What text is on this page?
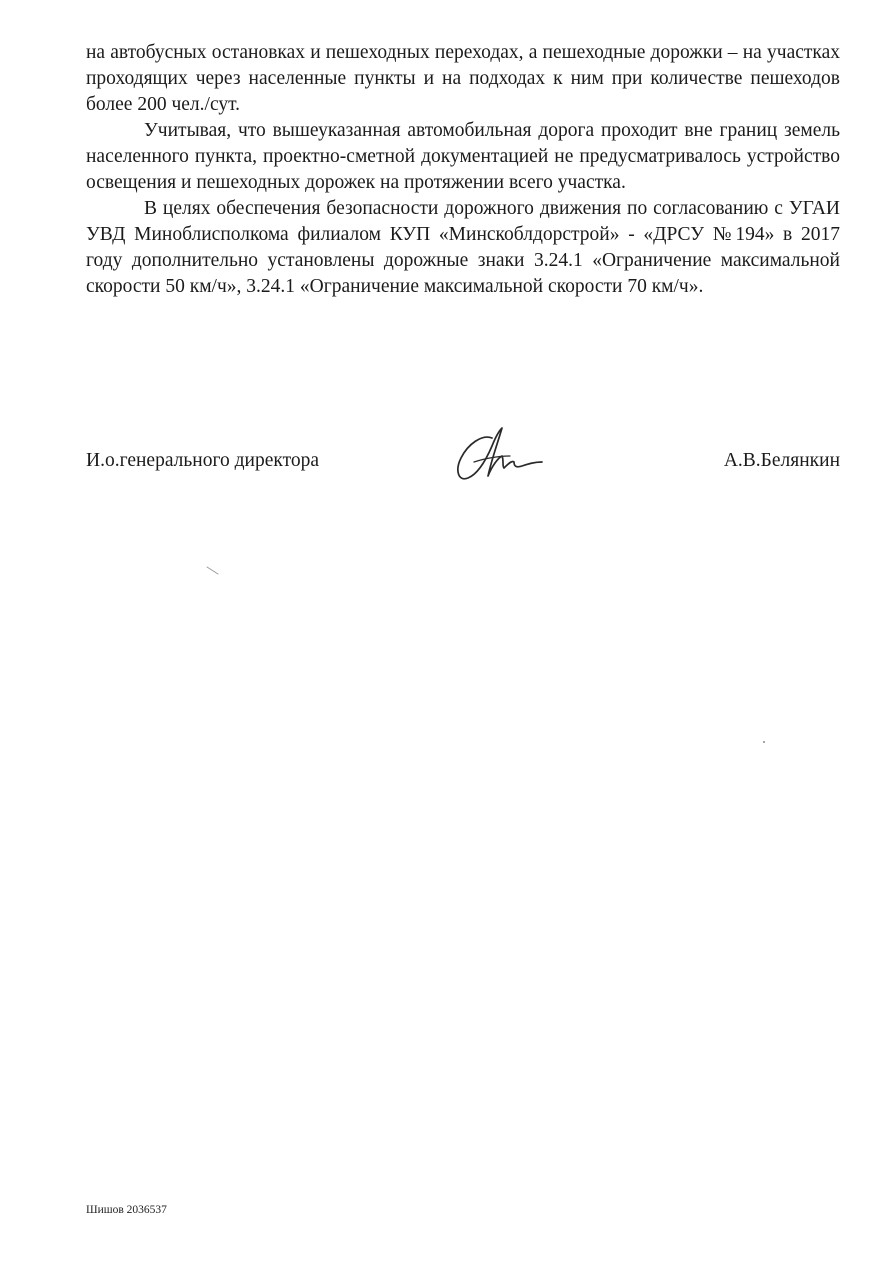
на автобусных остановках и пешеходных переходах, а пешеходные дорожки – на участках проходящих через населенные пункты и на подходах к ним при количестве пешеходов более 200 чел./сут.

Учитывая, что вышеуказанная автомобильная дорога проходит вне границ земель населенного пункта, проектно-сметной документацией не предусматривалось устройство освещения и пешеходных дорожек на протяжении всего участка.

В целях обеспечения безопасности дорожного движения по согласованию с УГАИ УВД Миноблисполкома филиалом КУП «Минскоблдорстрой» - «ДРСУ №194» в 2017 году дополнительно установлены дорожные знаки 3.24.1 «Ограничение максимальной скорости 50 км/ч», 3.24.1 «Ограничение максимальной скорости 70 км/ч».

И.о.генерального директора	А.В.Белянкин
Шишов 2036537
